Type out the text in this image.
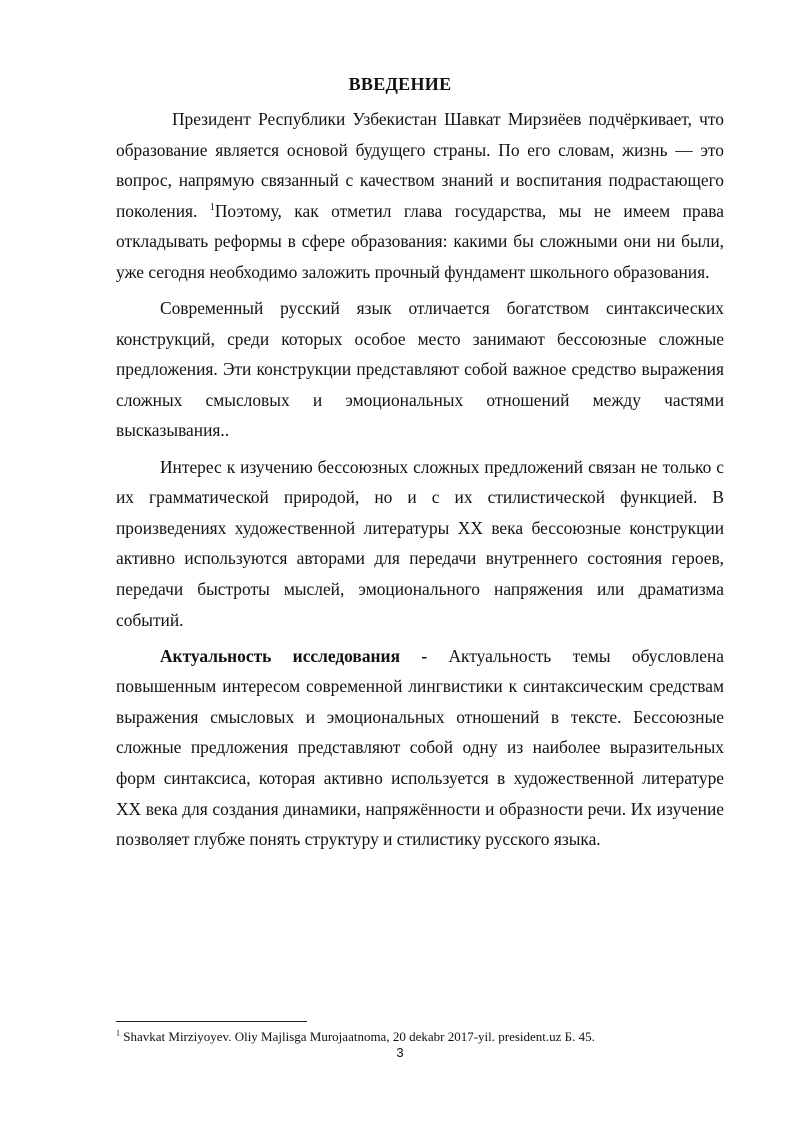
ВВЕДЕНИЕ

Президент Республики Узбекистан Шавкат Мирзиёев подчёркивает, что образование является основой будущего страны. По его словам, жизнь — это вопрос, напрямую связанный с качеством знаний и воспитания подрастающего поколения. $^1$Поэтому, как отметил глава государства, мы не имеем права откладывать реформы в сфере образования: какими бы сложными они ни были, уже сегодня необходимо заложить прочный фундамент школьного образования.

Современный русский язык отличается богатством синтаксических конструкций, среди которых особое место занимают бессоюзные сложные предложения. Эти конструкции представляют собой важное средство выражения сложных смысловых и эмоциональных отношений между частями высказывания..

Интерес к изучению бессоюзных сложных предложений связан не только с их грамматической природой, но и с их стилистической функцией. В произведениях художественной литературы XX века бессоюзные конструкции активно используются авторами для передачи внутреннего состояния героев, передачи быстроты мыслей, эмоционального напряжения или драматизма событий.

Актуальность исследования - Актуальность темы обусловлена повышенным интересом современной лингвистики к синтаксическим средствам выражения смысловых и эмоциональных отношений в тексте. Бессоюзные сложные предложения представляют собой одну из наиболее выразительных форм синтаксиса, которая активно используется в художественной литературе XX века для создания динамики, напряжённости и образности речи. Их изучение позволяет глубже понять структуру и стилистику русского языка.

$^1$ Shavkat Mirziyoyev. Oliy Majlisga Murojaatnoma, 20 dekabr 2017-yil. president.uz Б. 45.
3
